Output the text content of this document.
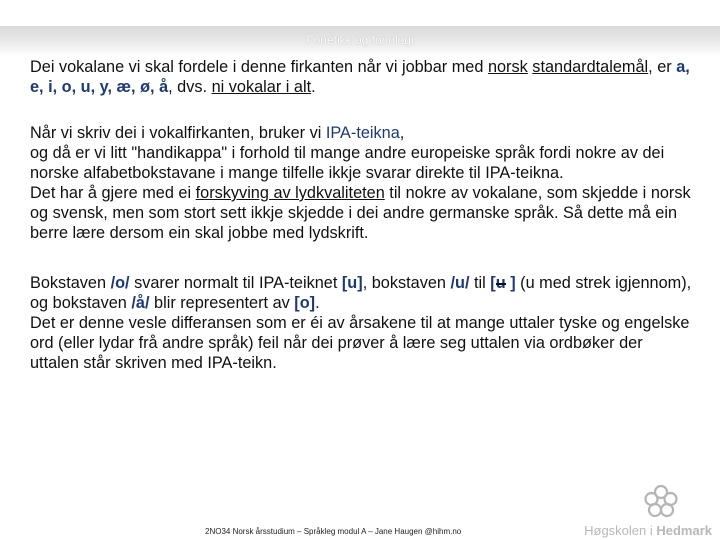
Fonetikk og fonologi

Dei vokalane vi skal fordele i denne firkanten når vi jobbar med norsk standardtalemål, er a, e, i, o, u, y, æ, ø, å, dvs. ni vokalar i alt.

Når vi skriv dei i vokalfirkanten, bruker vi IPA-teikna,

og då er vi litt "handikappa" i forhold til mange andre europeiske språk fordi nokre av dei norske alfabetbokstavane i mange tilfelle ikkje svarar direkte til IPA-teikna.

Det har å gjere med ei forskyving av lydkvaliteten til nokre av vokalane, som skjedde i norsk og svensk, men som stort sett ikkje skjedde i dei andre germanske språk. Så dette må ein berre lære dersom ein skal jobbe med lydskrift.

Bokstaven /o/ svarer normalt til IPA-teiknet [u], bokstaven /u/ til [u ] (u med strek igjennom), og bokstaven /å/ blir representert av [o].

Det er denne vesle differansen som er éi av årsakene til at mange uttaler tyske og engelske ord (eller lydar frå andre språk) feil når dei prøver å lære seg uttalen via ordbøker der uttalen står skriven med IPA-teikn.

2NO34 Norsk årsstudium – Språkleg modul A – Jane Haugen @hihm.no	Høgskolen i Hedmark
